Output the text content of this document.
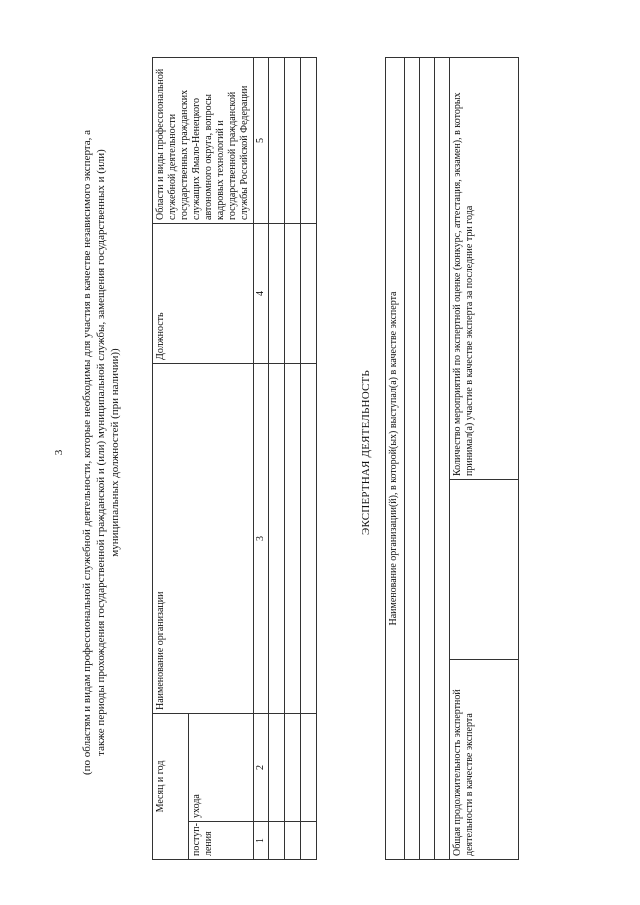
3 (по областям и видам профессиональной служебной деятельности, которые необходимы для участия в качестве независимого эксперта, а также периоды прохождения государственной гражданской и (или) муниципальной службы, замещения государственных и (или) муниципальных должностей (при наличии))
Месяц и год		Наименование организации	Должность	Области и виды профессиональной служебной деятельности государственных гражданских служащих Ямало-Ненецкого автономного округа, вопросы кадровых технологий и государственной гражданской службы Российской Федерации
поступ-ления	ухода			
1	2	3	4	5

ЭКСПЕРТНАЯ ДЕЯТЕЛЬНОСТЬ Наименование организации(й), в которой(ых) выступал(а) в качестве эксперта

Общая продолжительность экспертной деятельности в качестве эксперта		Количество мероприятий по экспертной оценке (конкурс, аттестация, экзамен), в которых принимал(а) участие в качестве эксперта за последние три года
